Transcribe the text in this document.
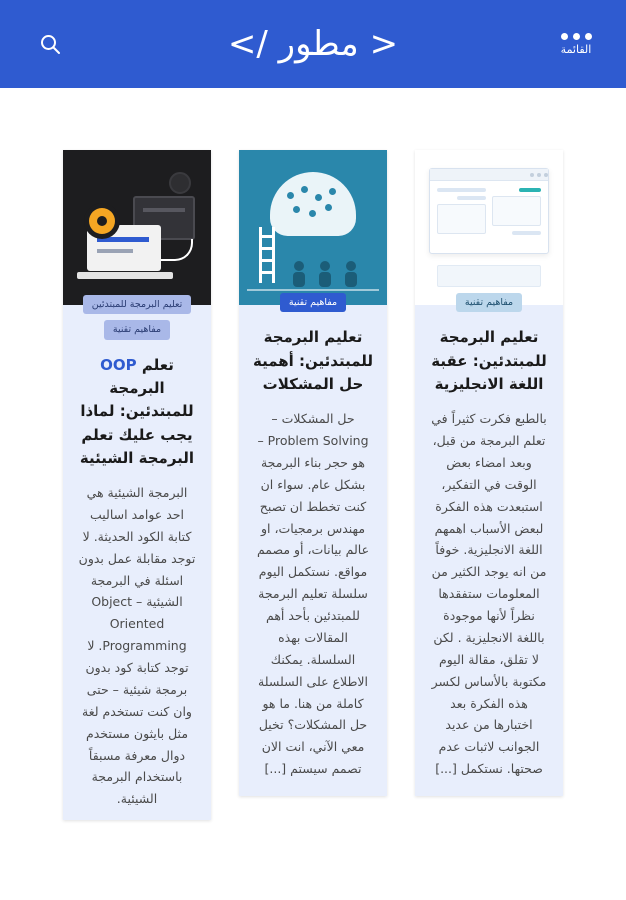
القائمة
< مطور />
تعليم البرمجة للمبتدئين
مفاهيم تقنية
تعلم OOP البرمجة للمبتدئين: لماذا يجب عليك تعلم البرمجة الشيئية
البرمجة الشيئية هي احد عوامد اساليب كتابة الكود الحديثة. لا توجد مقابلة عمل بدون اسئلة في البرمجة الشيئية – Object Oriented Programming. لا توجد كتابة كود بدون برمجة شيئية – حتى وان كنت تستخدم لغة مثل بايثون مستخدم دوال معرفة مسبقاً باستخدام البرمجة الشيئية.
مفاهيم تقنية
تعليم البرمجة للمبتدئين: أهمية حل المشكلات
حل المشكلات – Problem Solving – هو حجر بناء البرمجة بشكل عام. سواء ان كنت تخطط ان تصبح مهندس برمجيات، او عالم بيانات، أو مصمم مواقع. نستكمل اليوم سلسلة تعليم البرمجة للمبتدئين بأحد أهم المقالات بهذه السلسلة. يمكنك الاطلاع على السلسلة كاملة من هنا. ما هو حل المشكلات؟ تخيل معي الآني، انت الان تصمم سيستم [...]
مفاهيم تقنية
تعليم البرمجة للمبتدئين: عقبة اللغة الانجليزية
بالطبع فكرت كثيراً في تعلم البرمجة من قبل، وبعد امضاء بعض الوقت في التفكير، استبعدت هذه الفكرة لبعض الأسباب اهمهم اللغة الانجليزية. خوفاً من انه يوجد الكثير من المعلومات ستفقدها نظراً لأنها موجودة باللغة الانجليزية . لكن لا تقلق، مقالة اليوم مكتوبة بالأساس لكسر هذه الفكرة بعد اختبارها من عديد الجوانب لاثبات عدم صحتها. نستكمل [...]
